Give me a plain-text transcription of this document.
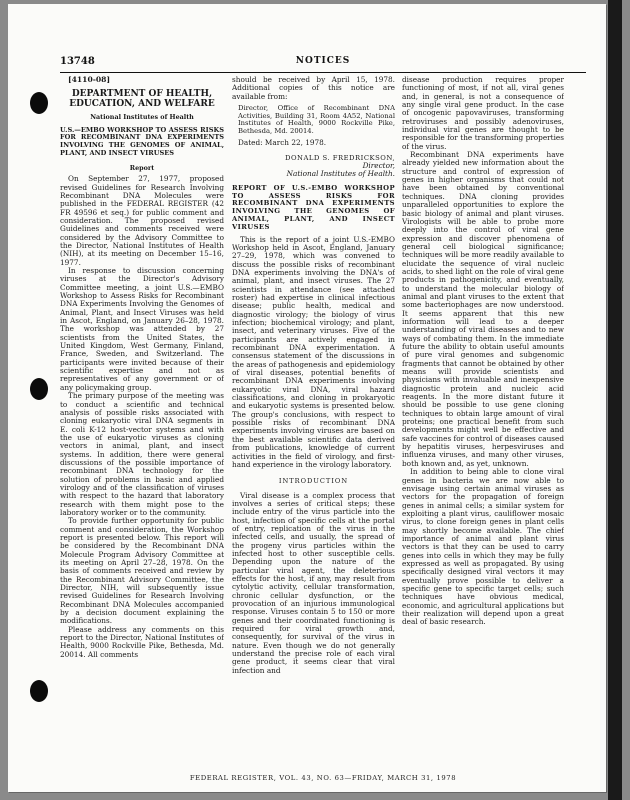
13748	NOTICES

[4110-08]

DEPARTMENT OF HEALTH, EDUCATION, AND WELFARE

National Institutes of Health

U.S.—EMBO WORKSHOP TO ASSESS RISKS FOR RECOMBINANT DNA EXPERIMENTS INVOLVING THE GENOMES OF ANIMAL, PLANT, AND INSECT VIRUSES

Report

On September 27, 1977, proposed revised Guidelines for Research Involving Recombinant DNA Molecules were published in the FEDERAL REGISTER (42 FR 49596 et seq.) for public comment and consideration. The proposed revised Guidelines and comments received were considered by the Advisory Committee to the Director, National Institutes of Health (NIH), at its meeting on December 15–16, 1977.

In response to discussion concerning viruses at the Director's Advisory Committee meeting, a joint U.S.—EMBO Workshop to Assess Risks for Recombinant DNA Experiments Involving the Genomes of Animal, Plant, and Insect Viruses was held in Ascot, England, on January 26–28, 1978. The workshop was attended by 27 scientists from the United States, the United Kingdom, West Germany, Finland, France, Sweden, and Switzerland. The participants were invited because of their scientific expertise and not as representatives of any government or of any policymaking group.

The primary purpose of the meeting was to conduct a scientific and technical analysis of possible risks associated with cloning eukaryotic viral DNA segments in E. coli K-12 host-vector systems and with the use of eukaryotic viruses as cloning vectors in animal, plant, and insect systems. In addition, there were general discussions of the possible importance of recombinant DNA technology for the solution of problems in basic and applied virology and of the classification of viruses with respect to the hazard that laboratory research with them might pose to the laboratory worker or to the community.

To provide further opportunity for public comment and consideration, the Workshop report is presented below. This report will be considered by the Recombinant DNA Molecule Program Advisory Committee at its meeting on April 27–28, 1978. On the basis of comments received and review by the Recombinant Advisory Committee, the Director, NIH, will subsequently issue revised Guidelines for Research Involving Recombinant DNA Molecules accompanied by a decision document explaining the modifications.

Please address any comments on this report to the Director, National Institutes of Health, 9000 Rockville Pike, Bethesda, Md. 20014. All comments

should be received by April 15, 1978. Additional copies of this notice are available from:

Director, Office of Recombinant DNA Activities, Building 31, Room 4A52, National Institutes of Health, 9000 Rockville Pike, Bethesda, Md. 20014.

Dated: March 22, 1978.

DONALD S. FREDRICKSON,

Director,

National Institutes of Health.

REPORT OF U.S.-EMBO WORKSHOP TO ASSESS RISKS FOR RECOMBINANT DNA EXPERIMENTS INVOLVING THE GENOMES OF ANIMAL, PLANT, AND INSECT VIRUSES

This is the report of a joint U.S.-EMBO Workshop held in Ascot, England, January 27–29, 1978, which was convened to discuss the possible risks of recombinant DNA experiments involving the DNA's of animal, plant, and insect viruses. The 27 scientists in attendance (see attached roster) had expertise in clinical infectious disease; public health, medical and diagnostic virology; the biology of virus infection; biochemical virology; and plant, insect, and veterinary viruses. Five of the participants are actively engaged in recombinant DNA experimentation. A consensus statement of the discussions in the areas of pathogenesis and epidemiology of viral diseases, potential benefits of recombinant DNA experiments involving eukaryotic viral DNA, viral hazard classifications, and cloning in prokaryotic and eukaryotic systems is presented below. The group's conclusions, with respect to possible risks of recombinant DNA experiments involving viruses are based on the best available scientific data derived from publications, knowledge of current activities in the field of virology, and first-hand experience in the virology laboratory.

INTRODUCTION

Viral disease is a complex process that involves a series of critical steps; these include entry of the virus particle into the host, infection of specific cells at the portal of entry, replication of the virus in the infected cells, and usually, the spread of the progeny virus particles within the infected host to other susceptible cells. Depending upon the nature of the particular viral agent, the deleterious effects for the host, if any, may result from cytolytic activity, cellular transformation, chronic cellular dysfunction, or the provocation of an injurious immunological response. Viruses contain 5 to 150 or more genes and their coordinated functioning is required for viral growth and, consequently, for survival of the virus in nature. Even though we do not generally understand the precise role of each viral gene product, it seems clear that viral infection and

disease production requires proper functioning of most, if not all, viral genes and, in general, is not a consequence of any single viral gene product. In the case of oncogenic papovaviruses, transforming retroviruses and possibly adenoviruses, individual viral genes are thought to be responsible for the transforming properties of the virus.

Recombinant DNA experiments have already yielded new information about the structure and control of expression of genes in higher organisms that could not have been obtained by conventional techniques. DNA cloning provides unparalleled opportunities to explore the basic biology of animal and plant viruses. Virologists will be able to probe more deeply into the control of viral gene expression and discover phenomena of general cell biological significance; techniques will be more readily available to elucidate the sequence of viral nucleic acids, to shed light on the role of viral gene products in pathogenicity, and eventually, to understand the molecular biology of animal and plant viruses to the extent that some bacteriophages are now understood. It seems apparent that this new information will lead to a deeper understanding of viral diseases and to new ways of combating them. In the immediate future the ability to obtain useful amounts of pure viral genomes and subgenomic fragments that cannot be obtained by other means will provide scientists and physicians with invaluable and inexpensive diagnostic protein and nucleic acid reagents. In the more distant future it should be possible to use gene cloning techniques to obtain large amount of viral proteins; one practical benefit from such developments might well be effective and safe vaccines for control of diseases caused by hepatitis viruses, herpesviruses and influenza viruses, and many other viruses, both known and, as yet, unknown.

In addition to being able to clone viral genes in bacteria we are now able to envisage using certain animal viruses as vectors for the propagation of foreign genes in animal cells; a similar system for exploiting a plant virus, cauliflower mosaic virus, to clone foreign genes in plant cells may shortly become available. The chief importance of animal and plant virus vectors is that they can be used to carry genes into cells in which they may be fully expressed as well as propagated. By using specifically designed viral vectors it may eventually prove possible to deliver a specific gene to specific target cells; such techniques have obvious medical, economic, and agricultural applications but their realization will depend upon a great deal of basic research.

FEDERAL REGISTER, VOL. 43, NO. 63—FRIDAY, MARCH 31, 1978
